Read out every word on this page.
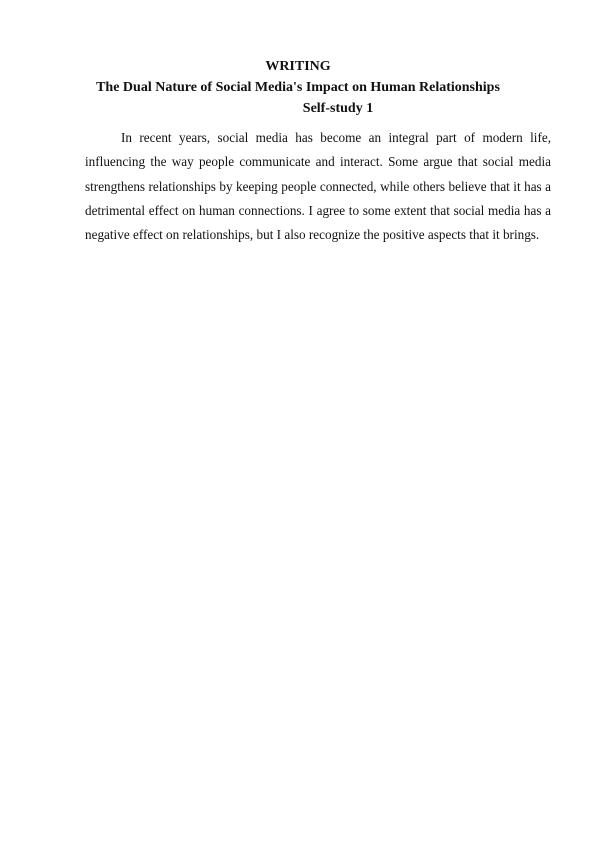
WRITING

The Dual Nature of Social Media's Impact on Human Relationships

Self-study 1

In recent years, social media has become an integral part of modern life, influencing the way people communicate and interact. Some argue that social media strengthens relationships by keeping people connected, while others believe that it has a detrimental effect on human connections. I agree to some extent that social media has a negative effect on relationships, but I also recognize the positive aspects that it brings.
